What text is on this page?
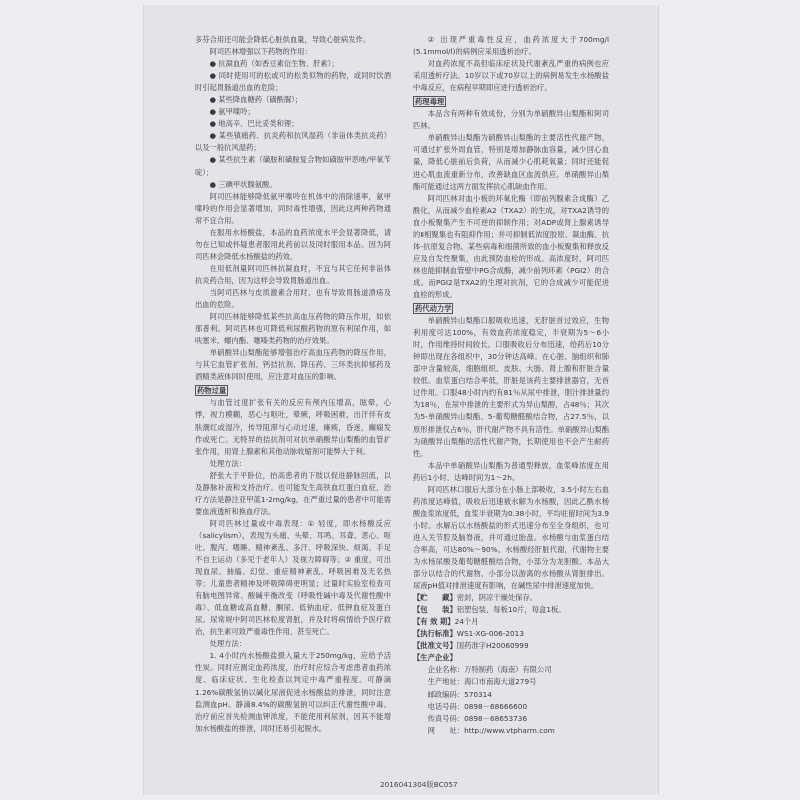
多芬合用还可能会降低心脏供血量，导致心脏病发作。

阿司匹林增强以下药物的作用：

● 抗凝血药（如香豆素衍生物、肝素）；

● 同时使用可的松或可的松类似物的药物，或同时饮酒时引起胃肠道出血的危险；

● 某些降血糖药（磺酰脲）；

● 氨甲喋呤；

● 地高辛、巴比妥类和锂；

● 某些镇痛药、抗炎药和抗风湿药（非甾体类抗炎药）以及一般抗风湿药；

● 某些抗生素（磺胺和磺胺复合物如磺胺甲恶唑/甲氧苄啶）；

● 三碘甲状腺氨酸。

阿司匹林能够降低氨甲喋呤在机体中的消除速率，氨甲喋呤的作用会显著增加，同时毒性增强，因此这两种药物通常不宜合用。

在服用水杨酸盐，本品的血药浓度水平会显著降低，请勿在已知或怀疑患者服用此药前以及同时服用本品。因为阿司匹林会降低水杨酸盐的药效。

在用低剂量阿司匹林抗凝血时，不宜与其它任何非甾体抗炎药合用，因为这样会导致胃肠道出血。

当阿司匹林与皮质激素合用时，也有导致胃肠道溃疡及出血的危险。

阿司匹林能够降低某些抗高血压药物的降压作用，如依那普利。阿司匹林也可降低利尿酸药物的原有利尿作用，如呋塞米、螺内酯、噻嗪类药物的治疗效果。

单硝酸异山梨酯能够增强治疗高血压药物的降压作用，与其它血管扩张剂、钙拮抗剂、降压药、三环类抗抑郁药及酒精类液体同时使用，应注意对血压的影响。

药物过量

与血管过度扩张有关的反应有颅内压增高，眩晕，心悸，视力模糊，恶心与呕吐，晕厥，呼吸困难，出汗伴有皮肤潮红或湿冷，传导阻滞与心动过速，瘫痪，昏迷，癫痫发作或死亡。无特异的拮抗剂可对抗单硝酸异山梨酯的血管扩张作用，用肾上腺素和其他动脉收缩剂可能弊大于利。

处理方法：

舒张大于平卧位，抬高患者的下肢以促进静脉回流，以及静脉补液和支持治疗。也可能发生高铁血红蛋白血症，治疗方法是静注亚甲蓝1-2mg/kg，在严重过量的患者中可能需要血液透析和换血疗法。

阿司匹林过量或中毒表现：① 轻度，即水杨酸反应（salicylism），表现为头痛、头晕、耳鸣、耳聋、恶心、呕吐、腹泻、嗜睡、精神紊乱、多汗、呼吸深快、烦渴、手足不自主运动（多见于老年人）及视力障碍等；② 重度，可出现血尿、抽搐、幻觉、重症精神紊乱、呼吸困难及无名热等；儿童患者精神及呼吸障碍更明显；过量时实验室检查可有脑电图异常、酸碱平衡改变（呼吸性碱中毒及代谢性酸中毒）、低血糖或高血糖、酮尿、低钠血症、低钾血症及蛋白尿。尿常规中阿司匹林粒度肾脏，并及时将病情给予医疗救治，抗生素可致严重毒性作用，甚至死亡。

处理方法：

1. 4小时内水杨酸盐摄入量大于250mg/kg，应给予活性炭。同时应测定血药浓度，治疗时应综合考虑患者血药浓度、临床症状、生化检查以判定中毒严重程度。可静滴1.26%碳酸氢钠以碱化尿液促进水杨酸盐的排泄，同时注意监测血pH。静滴8.4%的碳酸氢钠可以纠正代谢性酸中毒。治疗前应首先检测血钾浓度，不能使用利尿剂，因其不能增加水杨酸盐的排泄，同时还易引起脱水。

② 出现严重毒性反应，血药浓度大于700mg/l (5.1mmol/l)的病例应采用透析治疗。

对血药浓度不高但临床症状及代谢紊乱严重的病例也应采用透析疗法。10岁以下或70岁以上的病例易发生水杨酸盐中毒反应，在病程早期即应进行透析治疗。

药理毒理

本品含有两种有效成份，分别为单硝酸异山梨酯和阿司匹林。

单硝酸异山梨酯为硝酸异山梨酯的主要活性代谢产物，可通过扩张外周血管，特别是增加静脉血容量，减少回心血量，降低心脏前后负荷，从而减少心肌耗氧量；同时还能促进心肌血流重新分布，改善缺血区血流供应。单硝酸异山梨酯可能通过这两方面发挥抗心肌缺血作用。

阿司匹林对血小板的环氧化酶（即前列腺素合成酶）乙酰化，从而减少血栓素A2（TXA2）的生成，对TXA2诱导的血小板聚集产生不可逆的抑制作用；对ADP或肾上腺素诱导的Ⅱ相聚集也有阻抑作用；并可抑制低浓度胶原、凝血酶、抗体-抗原复合物、某些病毒和细菌所致的血小板聚集和释放反应及自发性聚集，由此预防血栓的形成。高浓度时，阿司匹林也能抑制血管壁中PG合成酶，减少前列环素（PGI2）的合成。而PGI2是TXA2的生理对抗剂，它的合成减少可能促进血栓的形成。

药代动力学

单硝酸异山梨酯口服吸收迅速，无肝脏首过效应，生物利用度可达100%，有效血药浓度稳定，半衰期为5～6小时，作用维持时间较长。口服吸收后分布迅速，给药后10分钟即出现在各组织中，30分钟达高峰。在心脏、脑组织和肺部中含量较高，细胞组织、皮肤、大肠、肾上腺和肝脏含量较低。血浆蛋白结合率低，肝脏是该药主要排泄器官，无首过作用。口服48小时内约有81％从尿中排泄，胆汁排泄量约为18％，在尿中排泄的主要形式为异山梨醇，占48％；其次为5-单硝酸异山梨酯、5-葡萄糖醛酸结合物，占27.5％，以原形排泄仅占6％，肝代谢产物不具有活性。单硝酸异山梨酯为硝酸异山梨酯的活性代谢产物，长期使用也不会产生耐药性。

本品中单硝酸异山梨酯为普通型释放，血浆峰浓度在用药后1小时，达峰时间为1～2h。

阿司匹林口服后大部分在小肠上部吸收，3.5小时左右血药浓度达峰值，吸收后迅速被水解为水杨酸，因此乙酰水杨酸血浆浓度低，血浆半衰期为0.38小时，平均驻留时间为3.9小时。水解后以水杨酸盐的形式迅速分布至全身组织，也可进入关节腔及脑脊液，并可通过胎盘。水杨酸与血浆蛋白结合率高，可达80%～90%。水杨酸经肝脏代谢，代谢物主要为水杨尿酸及葡萄糖醛酸结合物，小部分为龙胆酸。本品大部分以结合的代谢物、小部分以游离的水杨酸从肾脏排出。尿液pH值对排泄速度有影响，在碱性尿中排泄速度加快。

【贮　　藏】 密封，阴凉干燥处保存。
【包　　装】 铝塑包装，每板10片，每盒1板。
【有 效 期】 24个月
【执行标准】 WS1-XG-006-2013
【批准文号】 国药准字H20060999
【生产企业】

企业名称：万特制药（海南）有限公司

生产地址：海口市南海大道279号

邮政编码：570314

电话号码：0898－68666600

传真号码：0898－68653736

网　　址：http://www.vtpharm.com

2016041304版BC057
